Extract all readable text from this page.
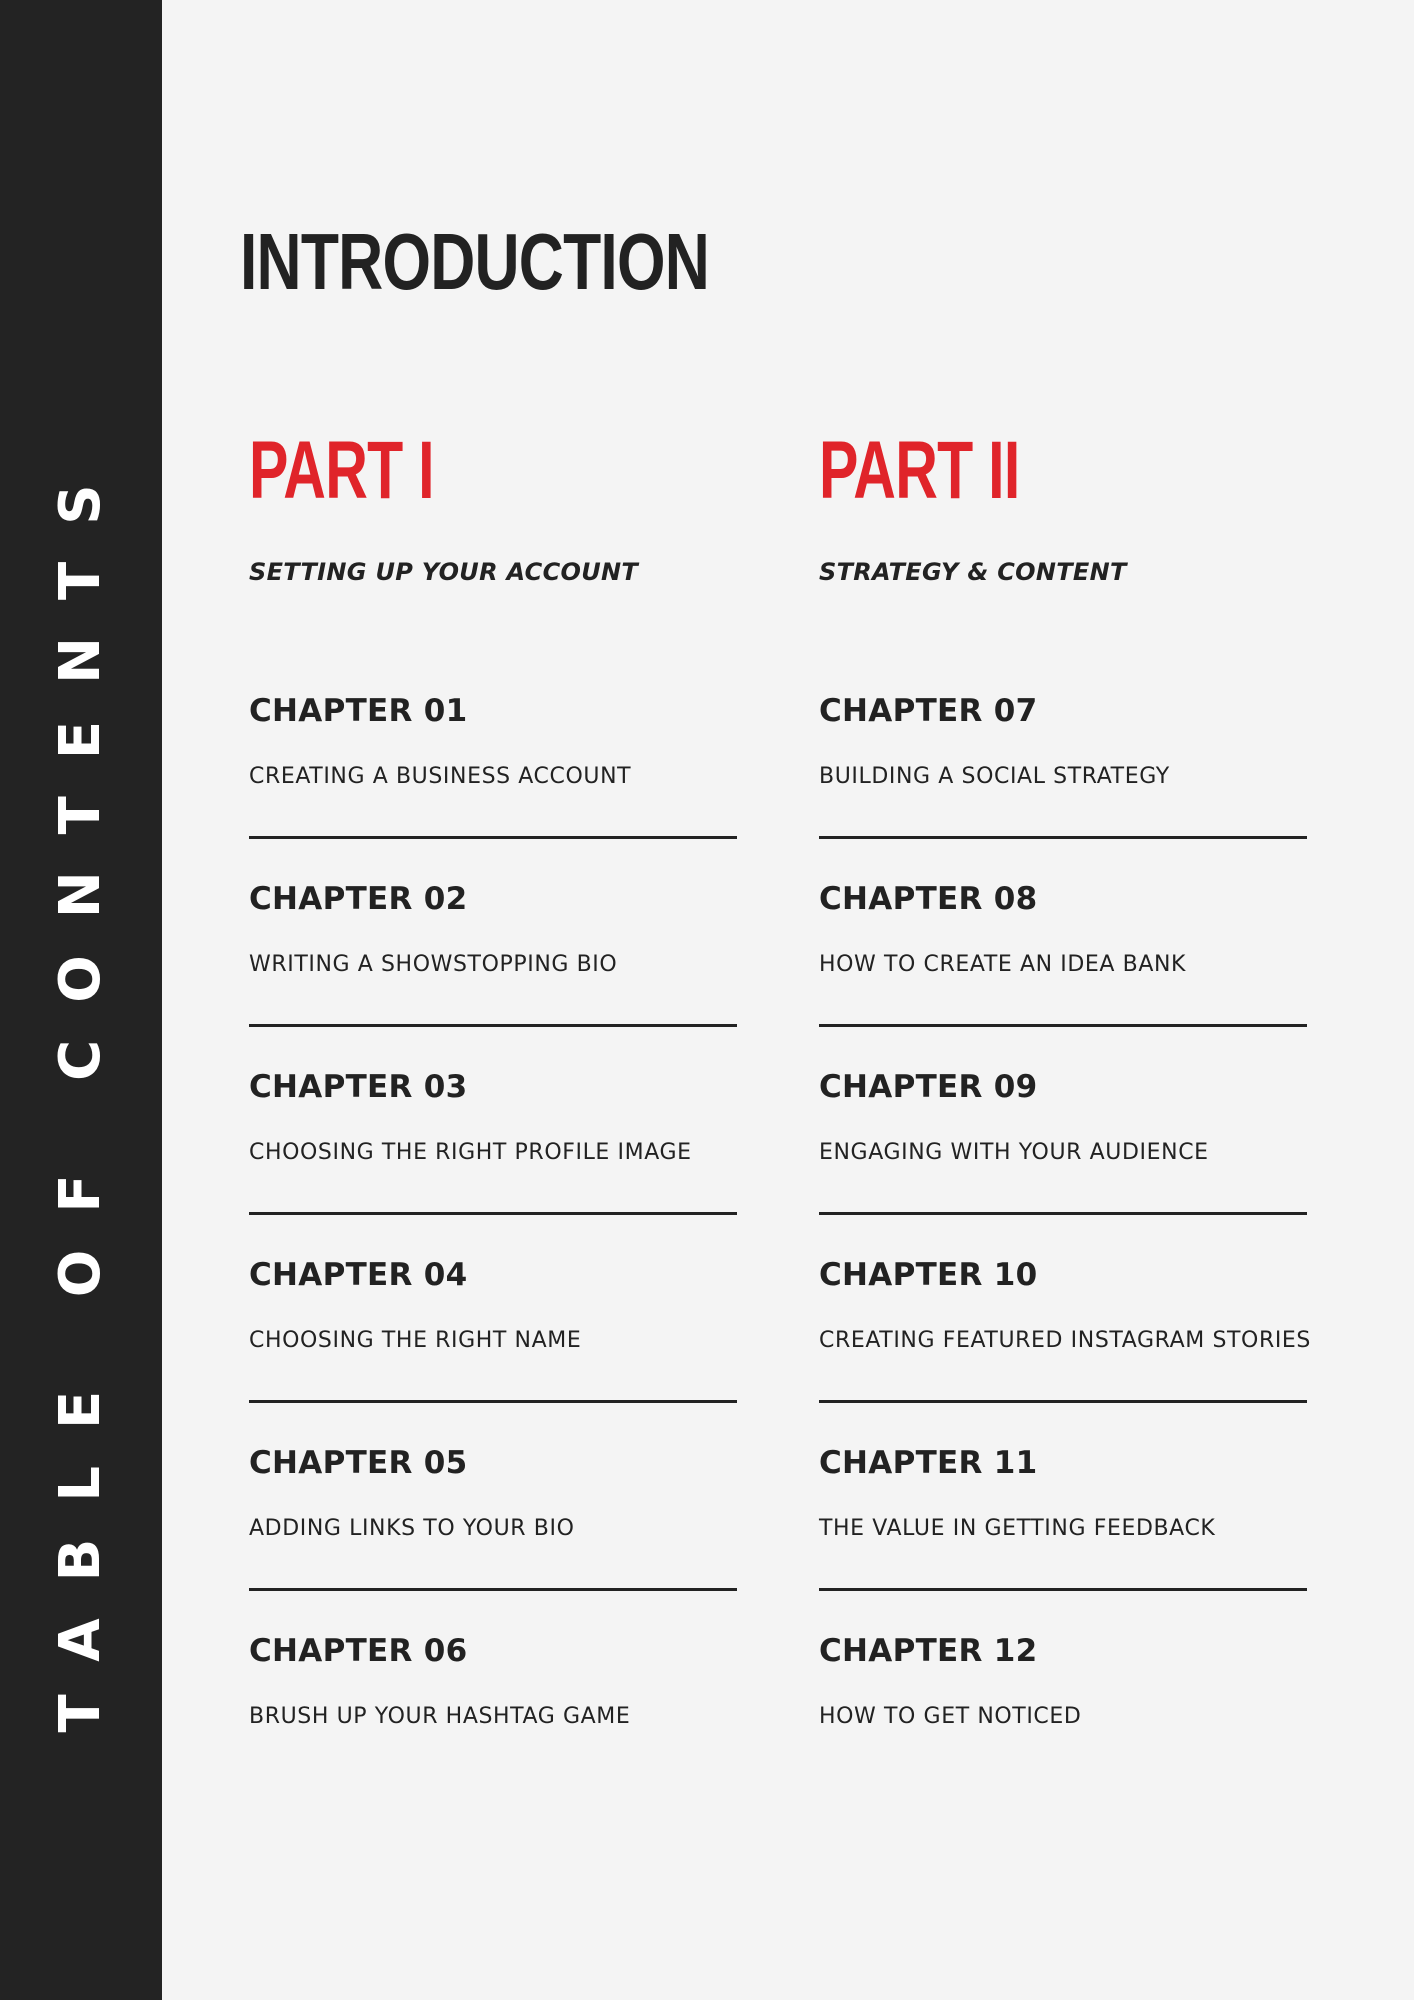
TABLE OF CONTENTS
INTRODUCTION
PART I
SETTING UP YOUR ACCOUNT
CHAPTER 01
CREATING A BUSINESS ACCOUNT
CHAPTER 02
WRITING A SHOWSTOPPING BIO
CHAPTER 03
CHOOSING THE RIGHT PROFILE IMAGE
CHAPTER 04
CHOOSING THE RIGHT NAME
CHAPTER 05
ADDING LINKS TO YOUR BIO
CHAPTER 06
BRUSH UP YOUR HASHTAG GAME
PART II
STRATEGY & CONTENT
CHAPTER 07
BUILDING A SOCIAL STRATEGY
CHAPTER 08
HOW TO CREATE AN IDEA BANK
CHAPTER 09
ENGAGING WITH YOUR AUDIENCE
CHAPTER 10
CREATING FEATURED INSTAGRAM STORIES
CHAPTER 11
THE VALUE IN GETTING FEEDBACK
CHAPTER 12
HOW TO GET NOTICED
